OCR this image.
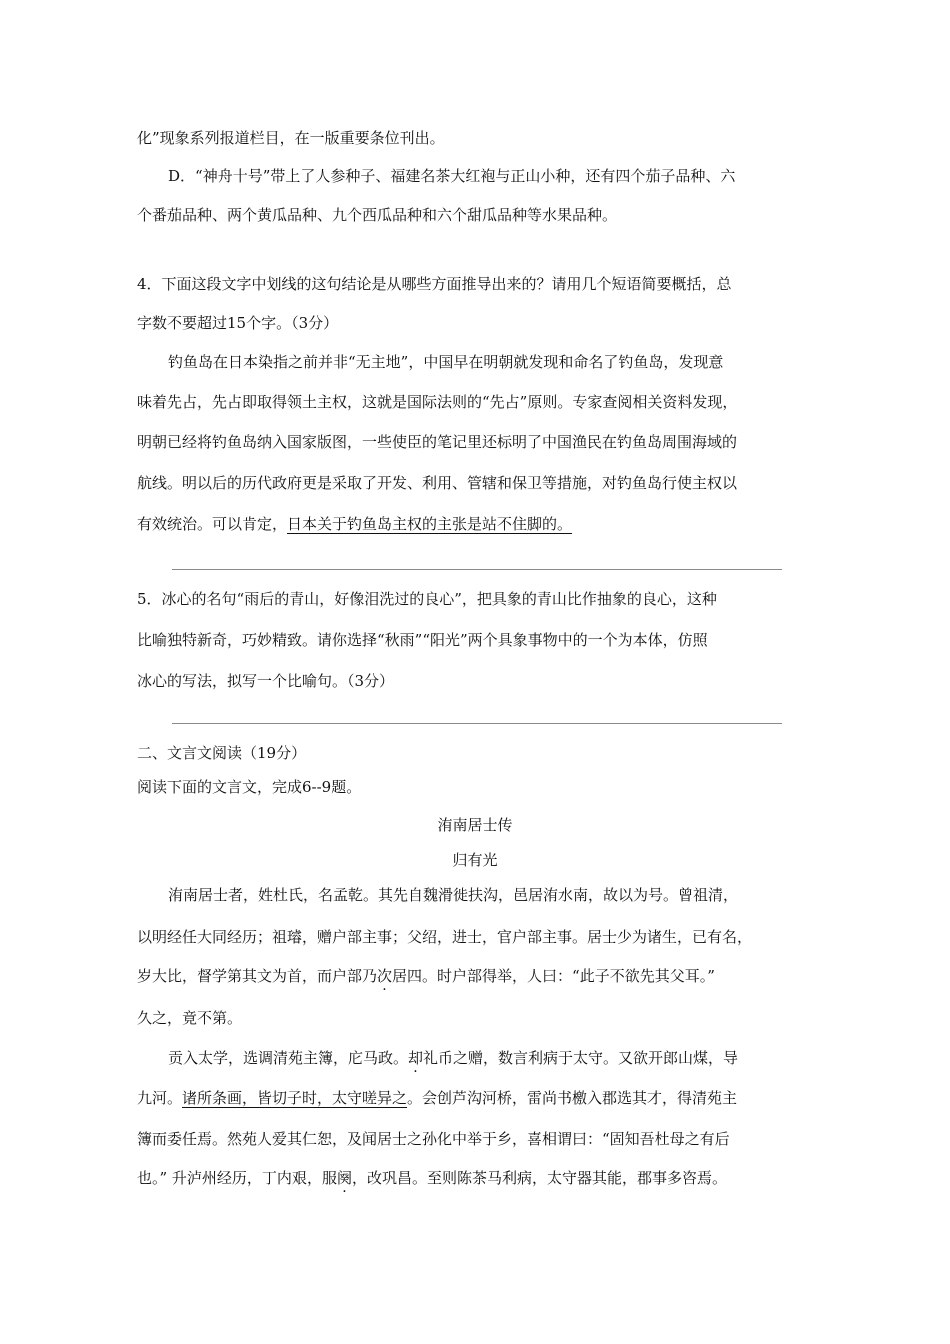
化”现象系列报道栏目，在一版重要条位刊出。
D．“神舟十号”带上了人参种子、福建名茶大红袍与正山小种，还有四个茄子品种、六
个番茄品种、两个黄瓜品种、九个西瓜品种和六个甜瓜品种等水果品种。
4．下面这段文字中划线的这句结论是从哪些方面推导出来的？请用几个短语简要概括，总
字数不要超过15个字。（3分）
钓鱼岛在日本染指之前并非“无主地”，中国早在明朝就发现和命名了钓鱼岛，发现意
味着先占，先占即取得领土主权，这就是国际法则的“先占”原则。专家查阅相关资料发现，
明朝已经将钓鱼岛纳入国家版图，一些使臣的笔记里还标明了中国渔民在钓鱼岛周围海域的
航线。明以后的历代政府更是采取了开发、利用、管辖和保卫等措施，对钓鱼岛行使主权以
有效统治。可以肯定，日本关于钓鱼岛主权的主张是站不住脚的。
5．冰心的名句“雨后的青山，好像泪洗过的良心”，把具象的青山比作抽象的良心，这种
比喻独特新奇，巧妙精致。请你选择“秋雨”“阳光”两个具象事物中的一个为本体，仿照
冰心的写法，拟写一个比喻句。（3分）
二、文言文阅读（19分）
阅读下面的文言文，完成6--9题。
洧南居士传
归有光
洧南居士者，姓杜氏，名孟乾。其先自魏滑徙扶沟，邑居洧水南，故以为号。曾祖清，
以明经任大同经历；祖璿，赠户部主事；父绍，进士，官户部主事。居士少为诸生，已有名，
岁大比，督学第其文为首，而户部乃次居四。时户部得举，人曰：“此子不欲先其父耳。”
久之，竟不第。
贡入太学，选调清苑主簿，庀马政。却礼币之赠，数言利病于太守。又欲开郎山煤，导
九河。诸所条画，皆切子时，太守嗟异之。会创芦沟河桥，雷尚书檄入郡选其才，得清苑主
簿而委任焉。然苑人爱其仁恕，及闻居士之孙化中举于乡，喜相谓曰：“固知吾杜母之有后
也。” 升泸州经历，丁内艰，服阕，改巩昌。至则陈茶马利病，太守器其能，郡事多咨焉。
